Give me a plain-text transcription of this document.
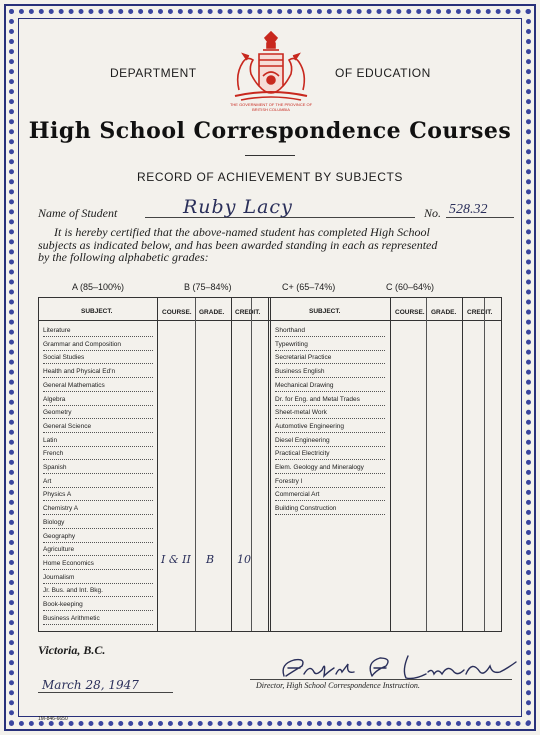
DEPARTMENT	OF EDUCATION
THE GOVERNMENT OF THE PROVINCE OF BRITISH COLUMBIA
High School Correspondence Courses
RECORD OF ACHIEVEMENT BY SUBJECTS
Name of Student	Ruby Lacy	No. 528.32
It is hereby certified that the above-named student has completed High School
subjects as indicated below, and has been awarded standing in each as represented
by the following alphabetic grades:
A (85–100%)	B (75–84%)	C+ (65–74%)	C (60–64%)
SUBJECT.	COURSE. GRADE. CREDIT.	SUBJECT.	COURSE. GRADE. CREDIT.
Literature
Grammar and Composition
Social Studies
Health and Physical Ed'n
General Mathematics
Algebra
Geometry
General Science
Latin
French
Spanish
Art
Physics A
Chemistry A
Biology
Geography
Agriculture
Home Economics	I & II B 10
Journalism
Jr. Bus. and Int. Bkg.
Book-keeping
Business Arithmetic
Shorthand
Typewriting
Secretarial Practice
Business English
Mechanical Drawing
Dr. for Eng. and Metal Trades
Sheet-metal Work
Automotive Engineering
Diesel Engineering
Practical Electricity
Elem. Geology and Mineralogy
Forestry I
Commercial Art
Building Construction
Victoria, B.C.
March 28, 1947	Director, High School Correspondence Instruction.
1M-846-6650
